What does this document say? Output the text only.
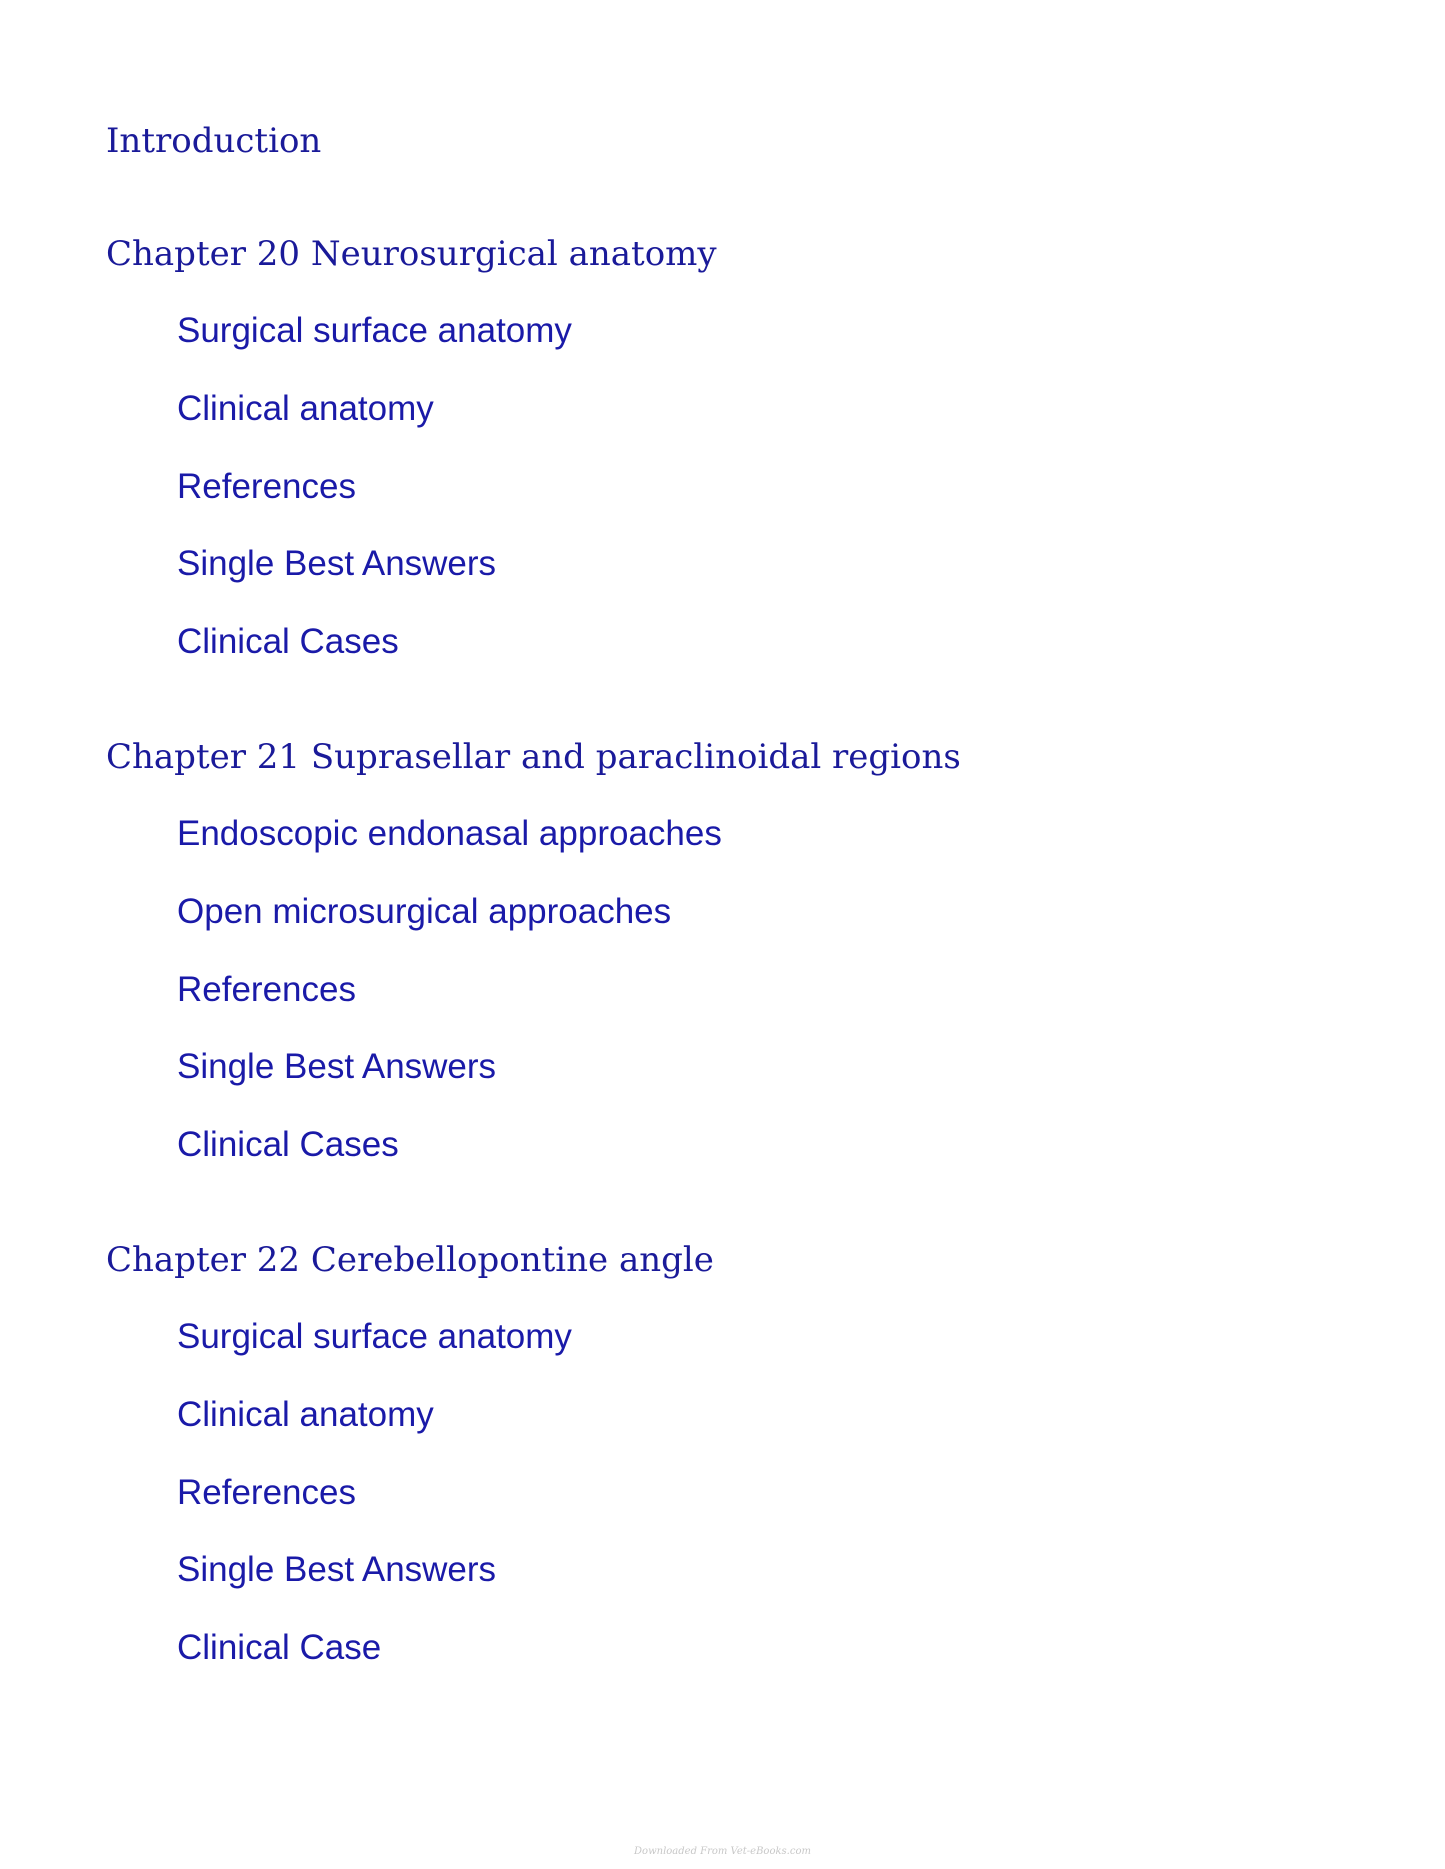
Introduction
Chapter 20 Neurosurgical anatomy
Surgical surface anatomy
Clinical anatomy
References
Single Best Answers
Clinical Cases
Chapter 21 Suprasellar and paraclinoidal regions
Endoscopic endonasal approaches
Open microsurgical approaches
References
Single Best Answers
Clinical Cases
Chapter 22 Cerebellopontine angle
Surgical surface anatomy
Clinical anatomy
References
Single Best Answers
Clinical Case
Downloaded From Vet-eBooks.com
